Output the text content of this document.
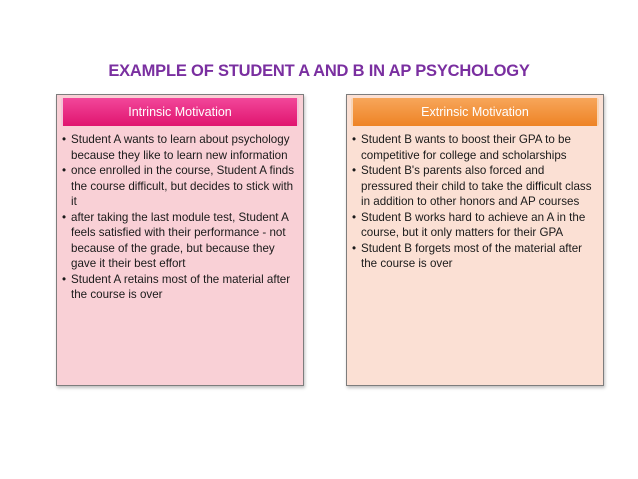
EXAMPLE OF STUDENT A AND B IN AP PSYCHOLOGY
Intrinsic Motivation
• Student A wants to learn about psychology because they like to learn new information
• once enrolled in the course, Student A finds the course difficult, but decides to stick with it
• after taking the last module test, Student A feels satisfied with their performance - not because of the grade, but because they gave it their best effort
• Student A retains most of the material after the course is over
Extrinsic Motivation
• Student B wants to boost their GPA to be competitive for college and scholarships
• Student B's parents also forced and pressured their child to take the difficult class in addition to other honors and AP courses
• Student B works hard to achieve an A in the course, but it only matters for their GPA
• Student B forgets most of the material after the course is over
